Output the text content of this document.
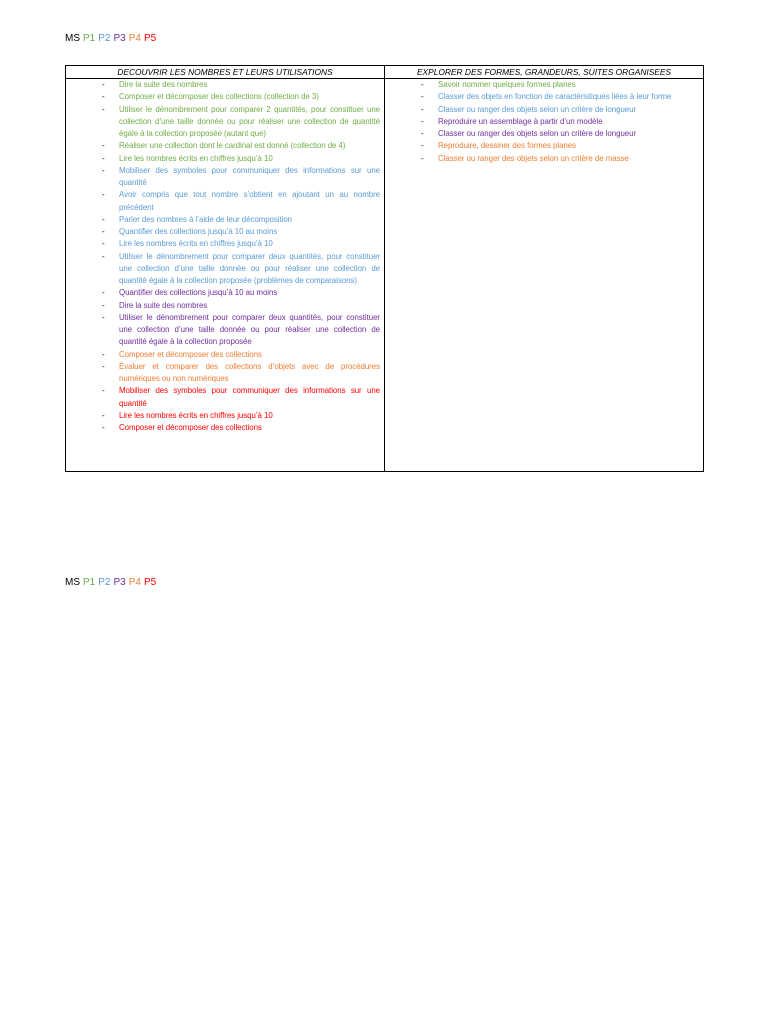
MS P1 P2 P3 P4 P5
DECOUVRIR LES NOMBRES ET LEURS UTILISATIONS	EXPLORER DES FORMES, GRANDEURS, SUITES ORGANISEES
- Dire la suite des nombres
- Composer et décomposer des collections (collection de 3)
- Utiliser le dénombrement pour comparer 2 quantités, pour constituer une collection d’une taille donnée ou pour réaliser une collection de quantité égale à la collection proposée (autant que)
- Réaliser une collection dont le cardinal est donné (collection de 4)
- Lire les nombres écrits en chiffres jusqu’à 10
- Mobiliser des symboles pour communiquer des informations sur une quantité
- Avoir compris que tout nombre s’obtient en ajoutant un au nombre précédent
- Parler des nombres à l’aide de leur décomposition
- Quantifier des collections jusqu’à 10 au moins
- Lire les nombres écrits en chiffres jusqu’à 10
- Utiliser le dénombrement pour comparer deux quantités, pour constituer une collection d’une taille donnée ou pour réaliser une collection de quantité égale à la collection proposée (problèmes de comparaisons)
- Quantifier des collections jusqu’à 10 au moins
- Dire la suite des nombres
- Utiliser le dénombrement pour comparer deux quantités, pour constituer une collection d’une taille donnée ou pour réaliser une collection de quantité égale à la collection proposée
- Composer et décomposer des collections
- Évaluer et comparer des collections d’objets avec de procédures numériques ou non numériques
- Mobiliser des symboles pour communiquer des informations sur une quantité
- Lire les nombres écrits en chiffres jusqu’à 10
- Composer et décomposer des collections
- Savoir nommer quelques formes planes
- Classer des objets en fonction de caractéristiques liées à leur forme
- Classer ou ranger des objets selon un critère de longueur
- Reproduire un assemblage à partir d’un modèle
- Classer ou ranger des objets selon un critère de longueur
- Reproduire, dessiner des formes planes
- Classer ou ranger des objets selon un critère de masse
MS P1 P2 P3 P4 P5
